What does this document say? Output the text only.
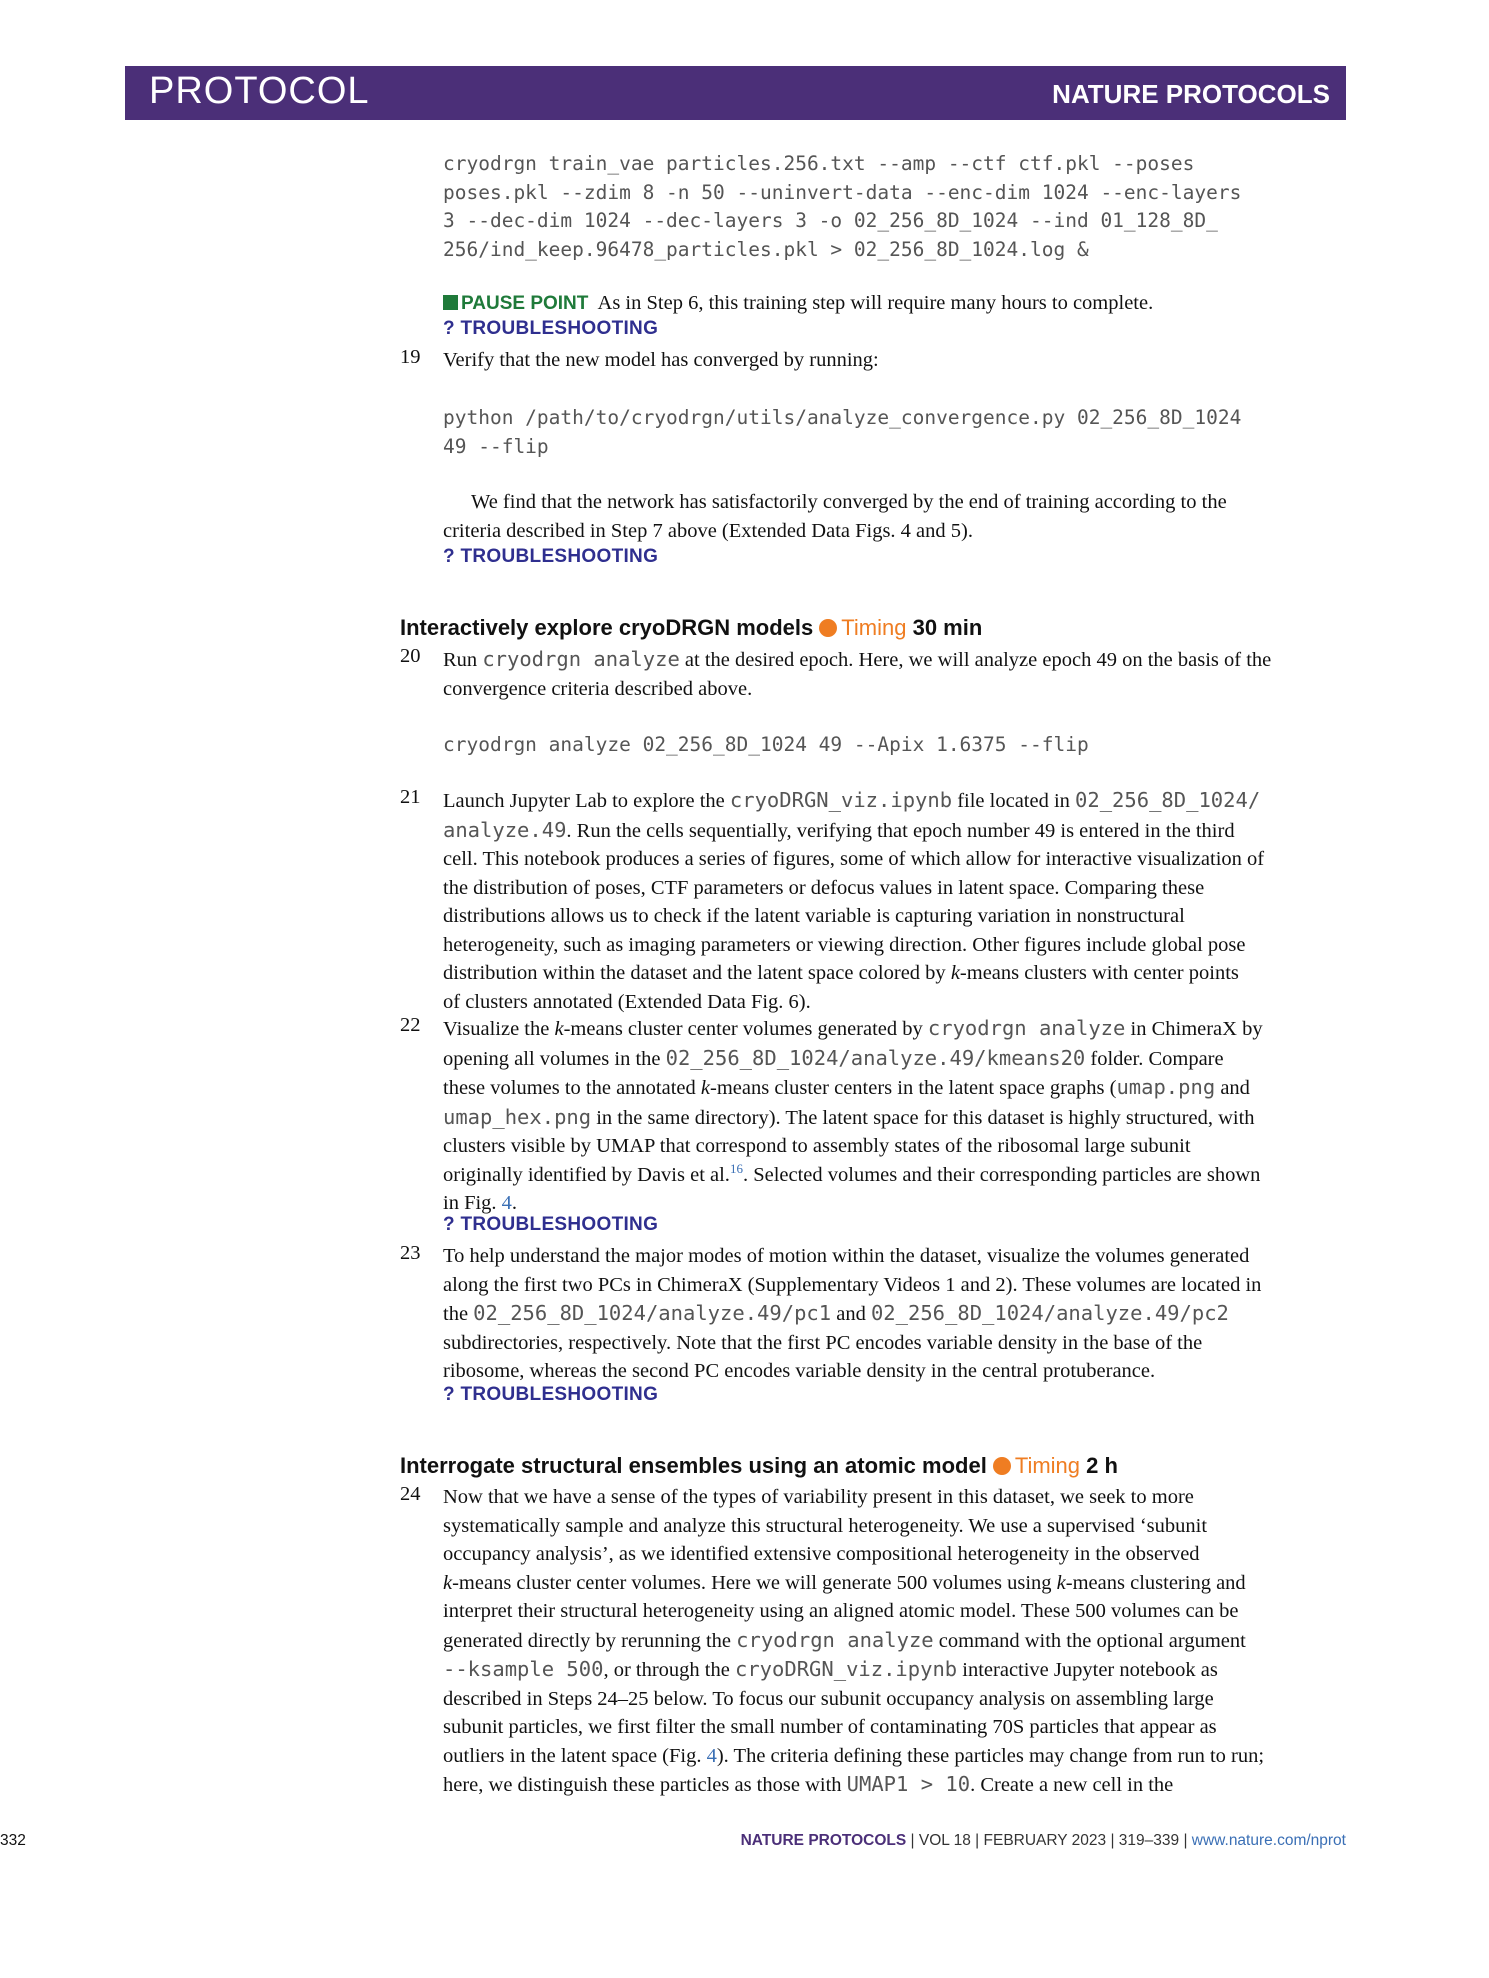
PROTOCOL	NATURE PROTOCOLS
cryodrgn train_vae particles.256.txt --amp --ctf ctf.pkl --poses
poses.pkl --zdim 8 -n 50 --uninvert-data --enc-dim 1024 --enc-layers
3 --dec-dim 1024 --dec-layers 3 -o 02_256_8D_1024 --ind 01_128_8D_
256/ind_keep.96478_particles.pkl > 02_256_8D_1024.log &
PAUSE POINT As in Step 6, this training step will require many hours to complete.
? TROUBLESHOOTING
19 Verify that the new model has converged by running:
python /path/to/cryodrgn/utils/analyze_convergence.py 02_256_8D_1024
49 --flip
We find that the network has satisfactorily converged by the end of training according to the
criteria described in Step 7 above (Extended Data Figs. 4 and 5).
? TROUBLESHOOTING
Interactively explore cryoDRGN models Timing 30 min
20 Run cryodrgn analyze at the desired epoch. Here, we will analyze epoch 49 on the basis of the
convergence criteria described above.
cryodrgn analyze 02_256_8D_1024 49 --Apix 1.6375 --flip
21 Launch Jupyter Lab to explore the cryoDRGN_viz.ipynb file located in 02_256_8D_1024/
analyze.49. Run the cells sequentially, verifying that epoch number 49 is entered in the third
cell. This notebook produces a series of figures, some of which allow for interactive visualization of
the distribution of poses, CTF parameters or defocus values in latent space. Comparing these
distributions allows us to check if the latent variable is capturing variation in nonstructural
heterogeneity, such as imaging parameters or viewing direction. Other figures include global pose
distribution within the dataset and the latent space colored by k-means clusters with center points
of clusters annotated (Extended Data Fig. 6).
22 Visualize the k-means cluster center volumes generated by cryodrgn analyze in ChimeraX by
opening all volumes in the 02_256_8D_1024/analyze.49/kmeans20 folder. Compare
these volumes to the annotated k-means cluster centers in the latent space graphs (umap.png and
umap_hex.png in the same directory). The latent space for this dataset is highly structured, with
clusters visible by UMAP that correspond to assembly states of the ribosomal large subunit
originally identified by Davis et al.$^{16}$. Selected volumes and their corresponding particles are shown
in Fig. 4.
? TROUBLESHOOTING
23 To help understand the major modes of motion within the dataset, visualize the volumes generated
along the first two PCs in ChimeraX (Supplementary Videos 1 and 2). These volumes are located in
the 02_256_8D_1024/analyze.49/pc1 and 02_256_8D_1024/analyze.49/pc2
subdirectories, respectively. Note that the first PC encodes variable density in the base of the
ribosome, whereas the second PC encodes variable density in the central protuberance.
? TROUBLESHOOTING
Interrogate structural ensembles using an atomic model Timing 2 h
24 Now that we have a sense of the types of variability present in this dataset, we seek to more
systematically sample and analyze this structural heterogeneity. We use a supervised ‘subunit
occupancy analysis’, as we identified extensive compositional heterogeneity in the observed
k-means cluster center volumes. Here we will generate 500 volumes using k-means clustering and
interpret their structural heterogeneity using an aligned atomic model. These 500 volumes can be
generated directly by rerunning the cryodrgn analyze command with the optional argument
--ksample 500, or through the cryoDRGN_viz.ipynb interactive Jupyter notebook as
described in Steps 24–25 below. To focus our subunit occupancy analysis on assembling large
subunit particles, we first filter the small number of contaminating 70S particles that appear as
outliers in the latent space (Fig. 4). The criteria defining these particles may change from run to run;
here, we distinguish these particles as those with UMAP1 > 10. Create a new cell in the
332	NATURE PROTOCOLS | VOL 18 | FEBRUARY 2023 | 319–339 | www.nature.com/nprot
